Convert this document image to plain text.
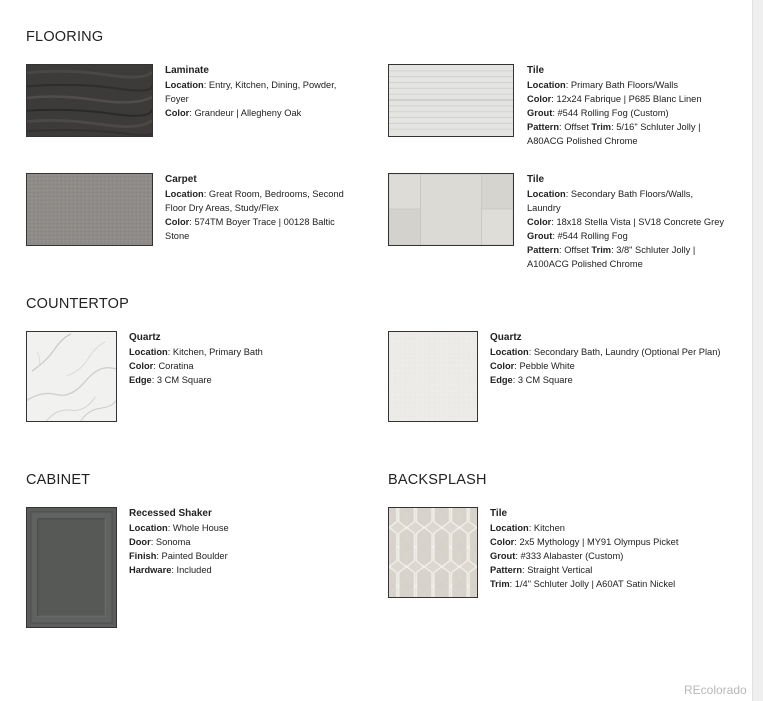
FLOORING
Laminate
Location: Entry, Kitchen, Dining, Powder,
Foyer
Color: Grandeur | Allegheny Oak
Tile
Location: Primary Bath Floors/Walls
Color: 12x24 Fabrique | P685 Blanc Linen
Grout: #544 Rolling Fog (Custom)
Pattern: Offset Trim: 5/16" Schluter Jolly |
A80ACG Polished Chrome
Carpet
Location: Great Room, Bedrooms, Second
Floor Dry Areas, Study/Flex
Color: 574TM Boyer Trace | 00128 Baltic
Stone
Tile
Location: Secondary Bath Floors/Walls,
Laundry
Color: 18x18 Stella Vista | SV18 Concrete Grey
Grout: #544 Rolling Fog
Pattern: Offset Trim: 3/8" Schluter Jolly |
A100ACG Polished Chrome
COUNTERTOP
Quartz
Location: Kitchen, Primary Bath
Color: Coratina
Edge: 3 CM Square
Quartz
Location: Secondary Bath, Laundry (Optional Per Plan)
Color: Pebble White
Edge: 3 CM Square
CABINET
Recessed Shaker
Location: Whole House
Door: Sonoma
Finish: Painted Boulder
Hardware: Included
BACKSPLASH
Tile
Location: Kitchen
Color: 2x5 Mythology | MY91 Olympus Picket
Grout: #333 Alabaster (Custom)
Pattern: Straight Vertical
Trim: 1/4" Schluter Jolly | A60AT Satin Nickel
REcolorado
